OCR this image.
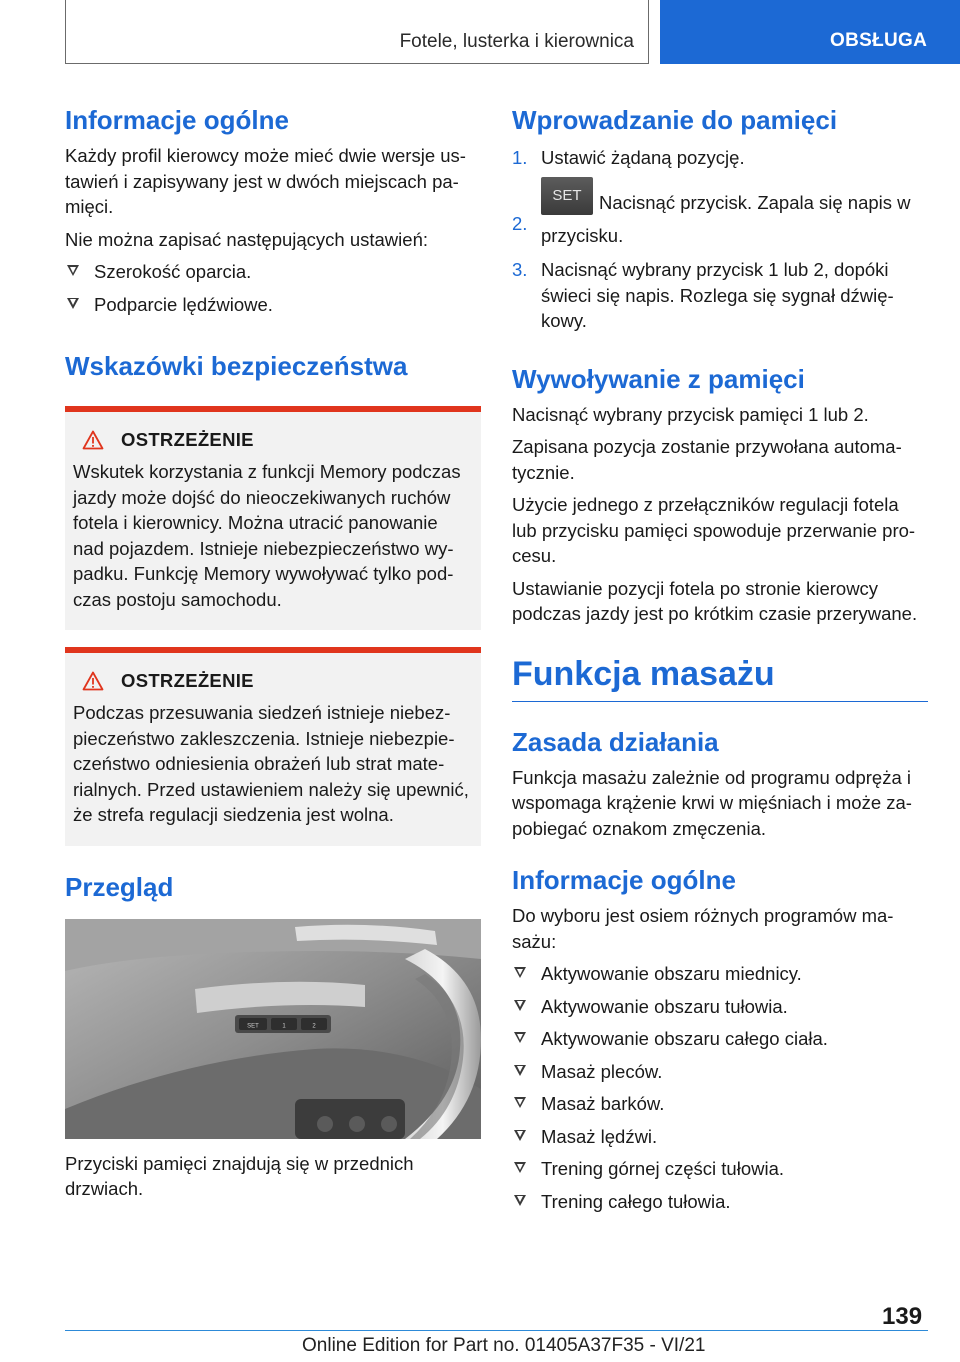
Fotele, lusterka i kierownica	OBSŁUGA
Informacje ogólne

Każdy profil kierowcy może mieć dwie wersje ustawień i zapisywany jest w dwóch miejscach pamięci.

Nie można zapisać następujących ustawień:

Szerokość oparcia.
Podparcie lędźwiowe.
Wskazówki bezpieczeństwa
OSTRZEŻENIE

Wskutek korzystania z funkcji Memory podczas jazdy może dojść do nieoczekiwanych ruchów fotela i kierownicy. Można utracić panowanie nad pojazdem. Istnieje niebezpieczeństwo wypadku. Funkcję Memory wywoływać tylko podczas postoju samochodu.

OSTRZEŻENIE

Podczas przesuwania siedzeń istnieje niebezpieczeństwo zakleszczenia. Istnieje niebezpieczeństwo odniesienia obrażeń lub strat materialnych. Przed ustawieniem należy się upewnić, że strefa regulacji siedzenia jest wolna.

Przegląd
SET	1	2

Przyciski pamięci znajdują się w przednich drzwiach.

Wprowadzanie do pamięci
1. Ustawić żądaną pozycję.
2.
SET Nacisnąć przycisk. Zapala się napis w przycisku.
3. Nacisnąć wybrany przycisk 1 lub 2, dopóki świeci się napis. Rozlega się sygnał dźwiękowy.
Wywoływanie z pamięci

Nacisnąć wybrany przycisk pamięci 1 lub 2.

Zapisana pozycja zostanie przywołana automatycznie.

Użycie jednego z przełączników regulacji fotela lub przycisku pamięci spowoduje przerwanie procesu.

Ustawianie pozycji fotela po stronie kierowcy podczas jazdy jest po krótkim czasie przerywane.

Funkcja masażu
Zasada działania

Funkcja masażu zależnie od programu odpręża i wspomaga krążenie krwi w mięśniach i może zapobiegać oznakom zmęczenia.

Informacje ogólne

Do wyboru jest osiem różnych programów masażu:

Aktywowanie obszaru miednicy.
Aktywowanie obszaru tułowia.
Aktywowanie obszaru całego ciała.
Masaż pleców.
Masaż barków.
Masaż lędźwi.
Trening górnej części tułowia.
Trening całego tułowia.
139
Online Edition for Part no. 01405A37F35 - VI/21
